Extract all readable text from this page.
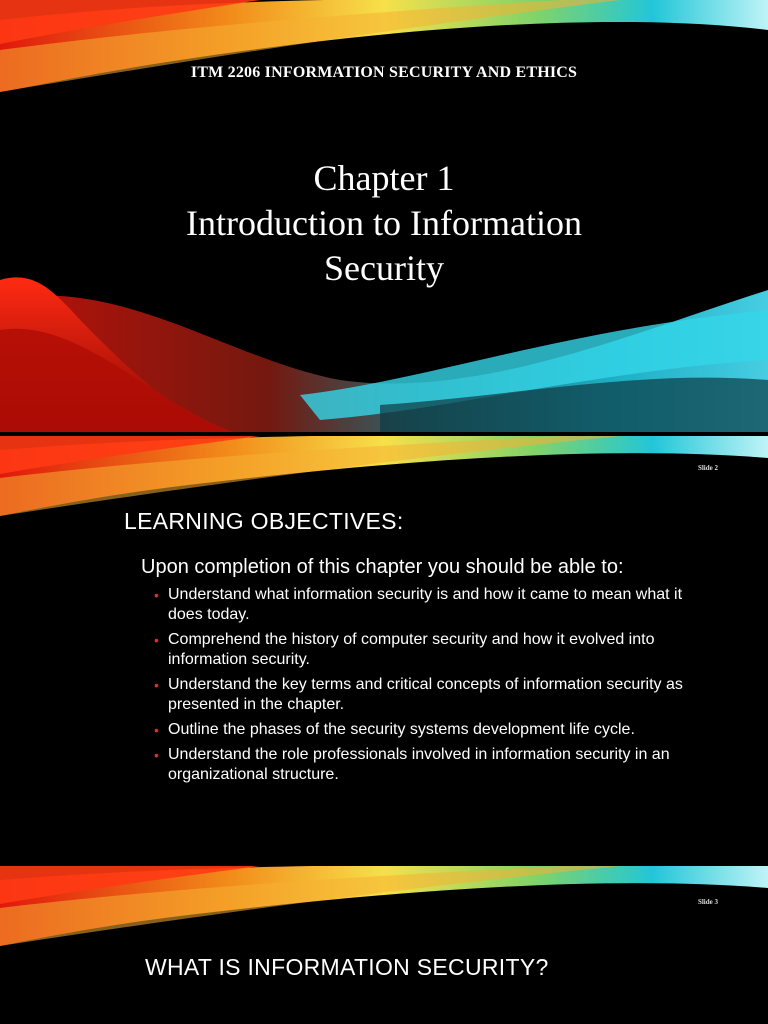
ITM 2206 INFORMATION SECURITY AND ETHICS
Chapter 1
Introduction to Information
Security
Slide 2
LEARNING OBJECTIVES:
Upon completion of this chapter you should be able to:
• Understand what information security is and how it came to mean what it does today.
• Comprehend the history of computer security and how it evolved into information security.
• Understand the key terms and critical concepts of information security as presented in the chapter.
• Outline the phases of the security systems development life cycle.
• Understand the role professionals involved in information security in an organizational structure.
Slide 3
WHAT IS INFORMATION SECURITY?
